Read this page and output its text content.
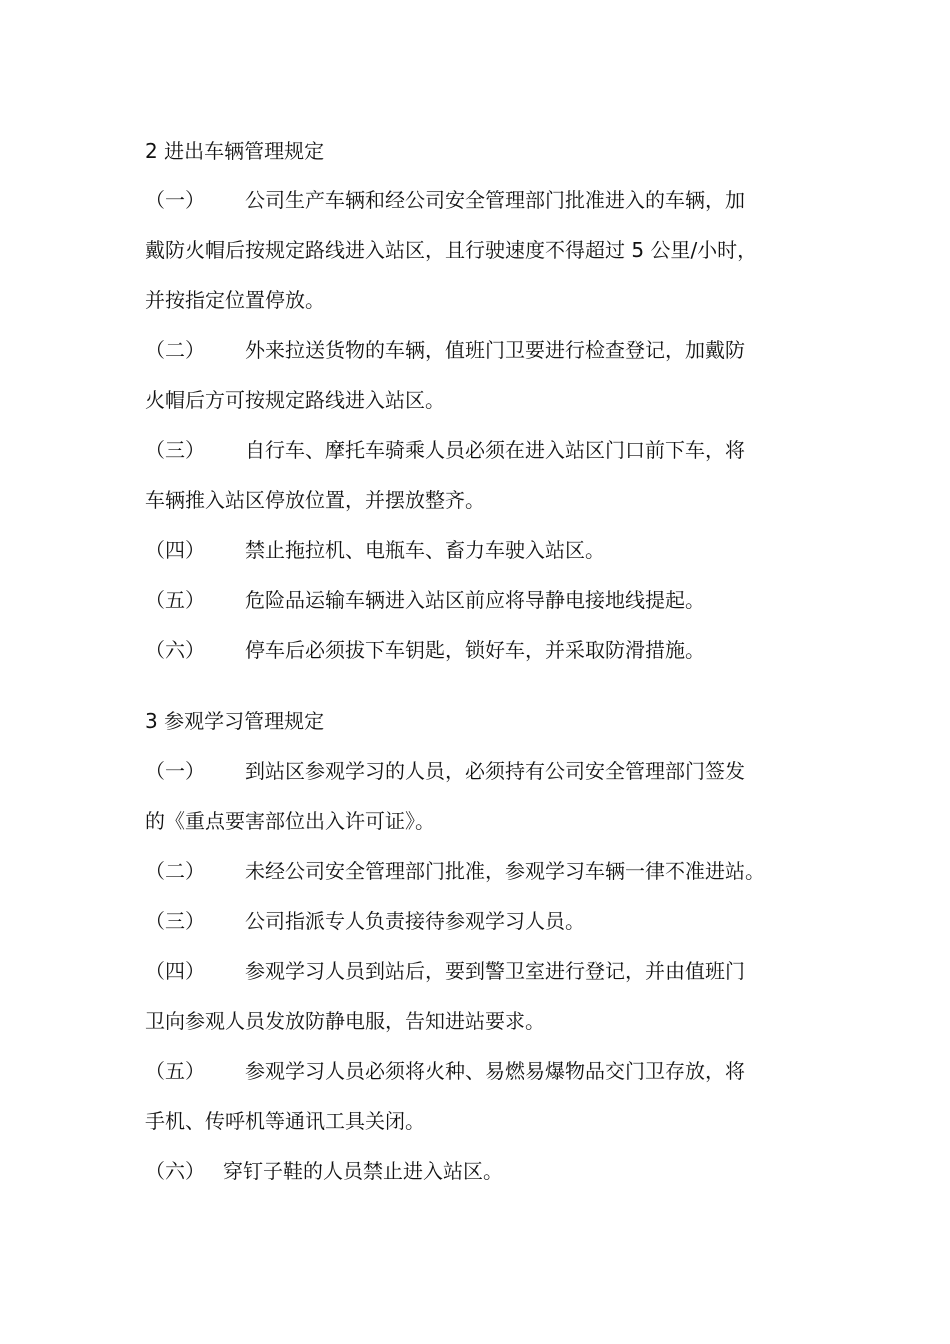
2 进出车辆管理规定
（一） 公司生产车辆和经公司安全管理部门批准进入的车辆，加
戴防火帽后按规定路线进入站区，且行驶速度不得超过 5 公里/小时，
并按指定位置停放。
（二） 外来拉送货物的车辆，值班门卫要进行检查登记，加戴防
火帽后方可按规定路线进入站区。
（三） 自行车、摩托车骑乘人员必须在进入站区门口前下车，将
车辆推入站区停放位置，并摆放整齐。
（四） 禁止拖拉机、电瓶车、畜力车驶入站区。
（五） 危险品运输车辆进入站区前应将导静电接地线提起。
（六） 停车后必须拔下车钥匙，锁好车，并采取防滑措施。
3 参观学习管理规定
（一） 到站区参观学习的人员，必须持有公司安全管理部门签发
的《重点要害部位出入许可证》。
（二） 未经公司安全管理部门批准，参观学习车辆一律不准进站。
（三） 公司指派专人负责接待参观学习人员。
（四） 参观学习人员到站后，要到警卫室进行登记，并由值班门
卫向参观人员发放防静电服，告知进站要求。
（五） 参观学习人员必须将火种、易燃易爆物品交门卫存放，将
手机、传呼机等通讯工具关闭。
（六） 穿钉子鞋的人员禁止进入站区。
